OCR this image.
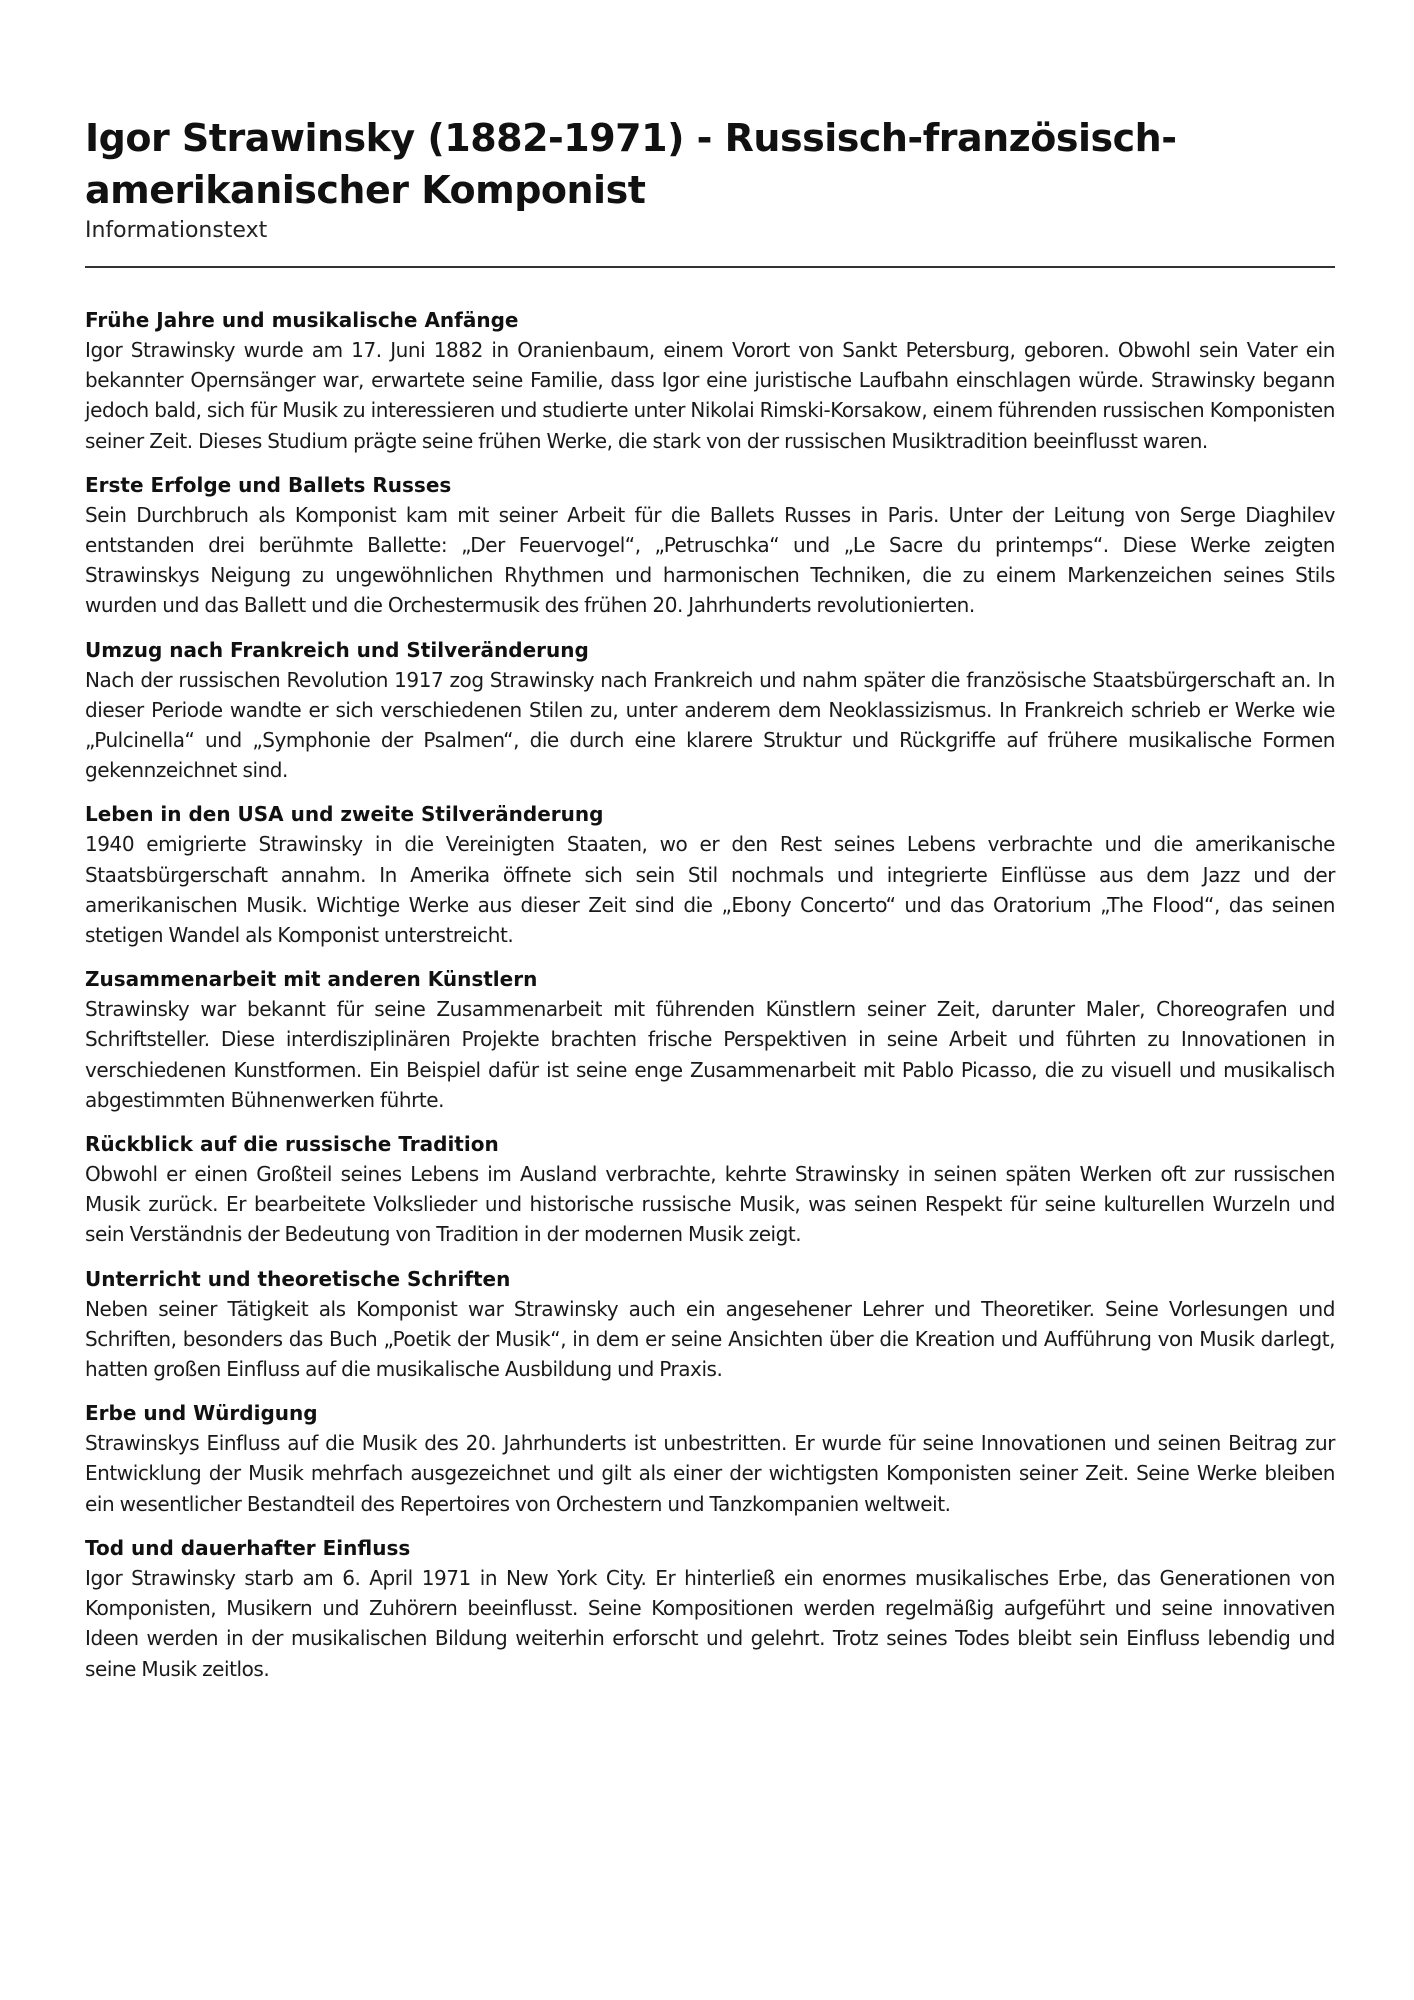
Igor Strawinsky (1882-1971) - Russisch-französisch-amerikanischer Komponist

Informationstext

Frühe Jahre und musikalische Anfänge

Igor Strawinsky wurde am 17. Juni 1882 in Oranienbaum, einem Vorort von Sankt Petersburg, geboren. Obwohl sein Vater ein bekannter Opernsänger war, erwartete seine Familie, dass Igor eine juristische Laufbahn einschlagen würde. Strawinsky begann jedoch bald, sich für Musik zu interessieren und studierte unter Nikolai Rimski-Korsakow, einem führenden russischen Komponisten seiner Zeit. Dieses Studium prägte seine frühen Werke, die stark von der russischen Musiktradition beeinflusst waren.

Erste Erfolge und Ballets Russes

Sein Durchbruch als Komponist kam mit seiner Arbeit für die Ballets Russes in Paris. Unter der Leitung von Serge Diaghilev entstanden drei berühmte Ballette: „Der Feuervogel“, „Petruschka“ und „Le Sacre du printemps“. Diese Werke zeigten Strawinskys Neigung zu ungewöhnlichen Rhythmen und harmonischen Techniken, die zu einem Markenzeichen seines Stils wurden und das Ballett und die Orchestermusik des frühen 20. Jahrhunderts revolutionierten.

Umzug nach Frankreich und Stilveränderung

Nach der russischen Revolution 1917 zog Strawinsky nach Frankreich und nahm später die französische Staatsbürgerschaft an. In dieser Periode wandte er sich verschiedenen Stilen zu, unter anderem dem Neoklassizismus. In Frankreich schrieb er Werke wie „Pulcinella“ und „Symphonie der Psalmen“, die durch eine klarere Struktur und Rückgriffe auf frühere musikalische Formen gekennzeichnet sind.

Leben in den USA und zweite Stilveränderung

1940 emigrierte Strawinsky in die Vereinigten Staaten, wo er den Rest seines Lebens verbrachte und die amerikanische Staatsbürgerschaft annahm. In Amerika öffnete sich sein Stil nochmals und integrierte Einflüsse aus dem Jazz und der amerikanischen Musik. Wichtige Werke aus dieser Zeit sind die „Ebony Concerto“ und das Oratorium „The Flood“, das seinen stetigen Wandel als Komponist unterstreicht.

Zusammenarbeit mit anderen Künstlern

Strawinsky war bekannt für seine Zusammenarbeit mit führenden Künstlern seiner Zeit, darunter Maler, Choreografen und Schriftsteller. Diese interdisziplinären Projekte brachten frische Perspektiven in seine Arbeit und führten zu Innovationen in verschiedenen Kunstformen. Ein Beispiel dafür ist seine enge Zusammenarbeit mit Pablo Picasso, die zu visuell und musikalisch abgestimmten Bühnenwerken führte.

Rückblick auf die russische Tradition

Obwohl er einen Großteil seines Lebens im Ausland verbrachte, kehrte Strawinsky in seinen späten Werken oft zur russischen Musik zurück. Er bearbeitete Volkslieder und historische russische Musik, was seinen Respekt für seine kulturellen Wurzeln und sein Verständnis der Bedeutung von Tradition in der modernen Musik zeigt.

Unterricht und theoretische Schriften

Neben seiner Tätigkeit als Komponist war Strawinsky auch ein angesehener Lehrer und Theoretiker. Seine Vorlesungen und Schriften, besonders das Buch „Poetik der Musik“, in dem er seine Ansichten über die Kreation und Aufführung von Musik darlegt, hatten großen Einfluss auf die musikalische Ausbildung und Praxis.

Erbe und Würdigung

Strawinskys Einfluss auf die Musik des 20. Jahrhunderts ist unbestritten. Er wurde für seine Innovationen und seinen Beitrag zur Entwicklung der Musik mehrfach ausgezeichnet und gilt als einer der wichtigsten Komponisten seiner Zeit. Seine Werke bleiben ein wesentlicher Bestandteil des Repertoires von Orchestern und Tanzkompanien weltweit.

Tod und dauerhafter Einfluss

Igor Strawinsky starb am 6. April 1971 in New York City. Er hinterließ ein enormes musikalisches Erbe, das Generationen von Komponisten, Musikern und Zuhörern beeinflusst. Seine Kompositionen werden regelmäßig aufgeführt und seine innovativen Ideen werden in der musikalischen Bildung weiterhin erforscht und gelehrt. Trotz seines Todes bleibt sein Einfluss lebendig und seine Musik zeitlos.
